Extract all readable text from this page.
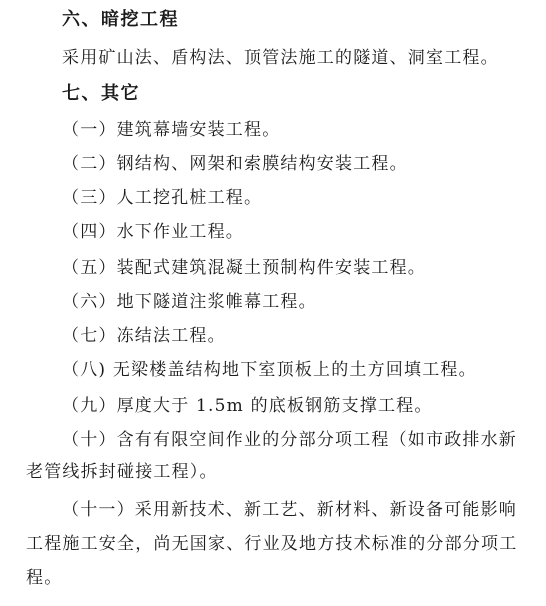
六、暗挖工程
采用矿山法、盾构法、顶管法施工的隧道、洞室工程。
七、其它
（一）建筑幕墙安装工程。
（二）钢结构、网架和索膜结构安装工程。
（三）人工挖孔桩工程。
（四）水下作业工程。
（五）装配式建筑混凝土预制构件安装工程。
（六）地下隧道注浆帷幕工程。
（七）冻结法工程。
（八) 无梁楼盖结构地下室顶板上的土方回填工程。
（九）厚度大于 1.5m 的底板钢筋支撑工程。
（十）含有有限空间作业的分部分项工程（如市政排水新
老管线拆封碰接工程）。
（十一）采用新技术、新工艺、新材料、新设备可能影响
工程施工安全，尚无国家、行业及地方技术标准的分部分项工
程。
